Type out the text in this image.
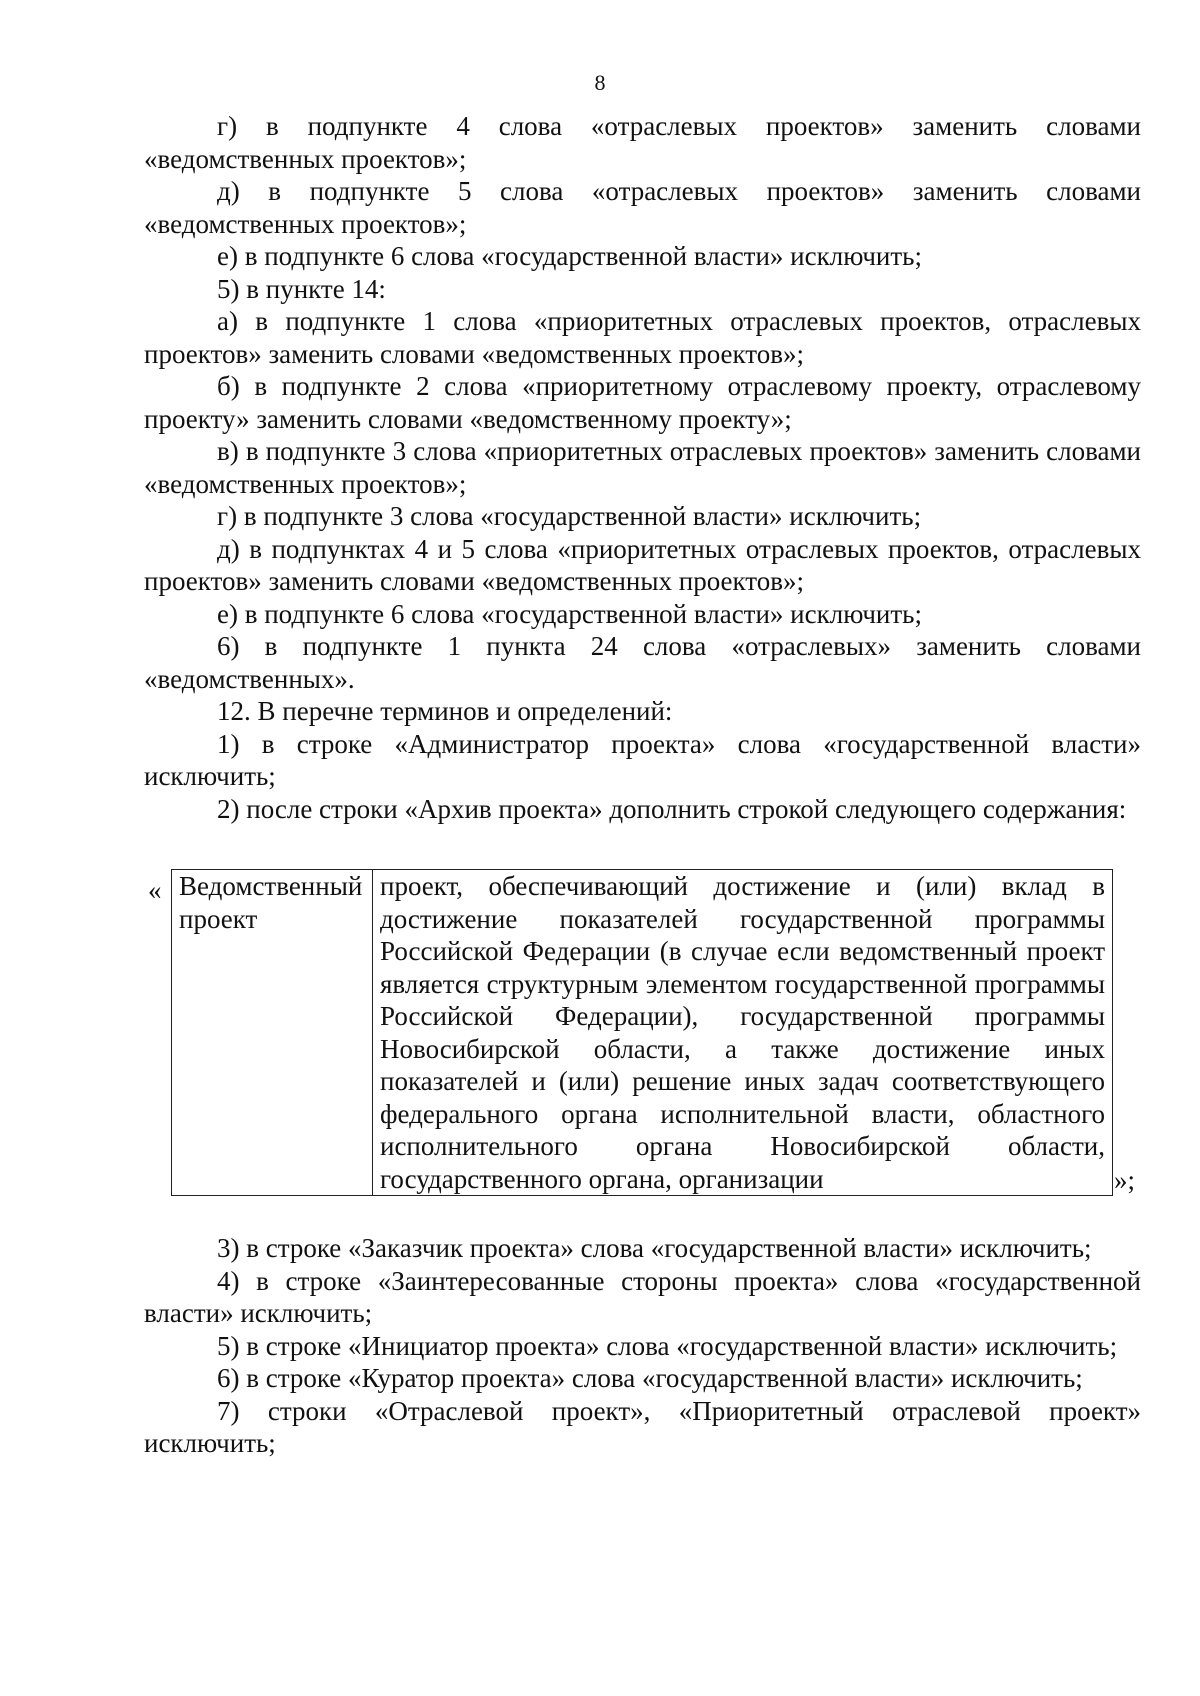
8

г) в подпункте 4 слова «отраслевых проектов» заменить словами «ведомственных проектов»;

д) в подпункте 5 слова «отраслевых проектов» заменить словами «ведомственных проектов»;

е) в подпункте 6 слова «государственной власти» исключить;

5) в пункте 14:

а) в подпункте 1 слова «приоритетных отраслевых проектов, отраслевых проектов» заменить словами «ведомственных проектов»;

б) в подпункте 2 слова «приоритетному отраслевому проекту, отраслевому проекту» заменить словами «ведомственному проекту»;

в) в подпункте 3 слова «приоритетных отраслевых проектов» заменить словами «ведомственных проектов»;

г) в подпункте 3 слова «государственной власти» исключить;

д) в подпунктах 4 и 5 слова «приоритетных отраслевых проектов, отраслевых проектов» заменить словами «ведомственных проектов»;

е) в подпункте 6 слова «государственной власти» исключить;

6) в подпункте 1 пункта 24 слова «отраслевых» заменить словами «ведомственных».

12. В перечне терминов и определений:

1) в строке «Администратор проекта» слова «государственной власти» исключить;

2) после строки «Архив проекта» дополнить строкой следующего содержания:

« Ведомственный проект	проект, обеспечивающий достижение и (или) вклад в достижение показателей государственной программы Российской Федерации (в случае если ведомственный проект является структурным элементом государственной программы Российской Федерации), государственной программы Новосибирской области, а также достижение иных показателей и (или) решение иных задач соответствующего федерального органа исполнительной власти, областного исполнительного органа Новосибирской области, государственного органа, организации	»;

3) в строке «Заказчик проекта» слова «государственной власти» исключить;

4) в строке «Заинтересованные стороны проекта» слова «государственной власти» исключить;

5) в строке «Инициатор проекта» слова «государственной власти» исключить;

6) в строке «Куратор проекта» слова «государственной власти» исключить;

7) строки «Отраслевой проект», «Приоритетный отраслевой проект» исключить;
